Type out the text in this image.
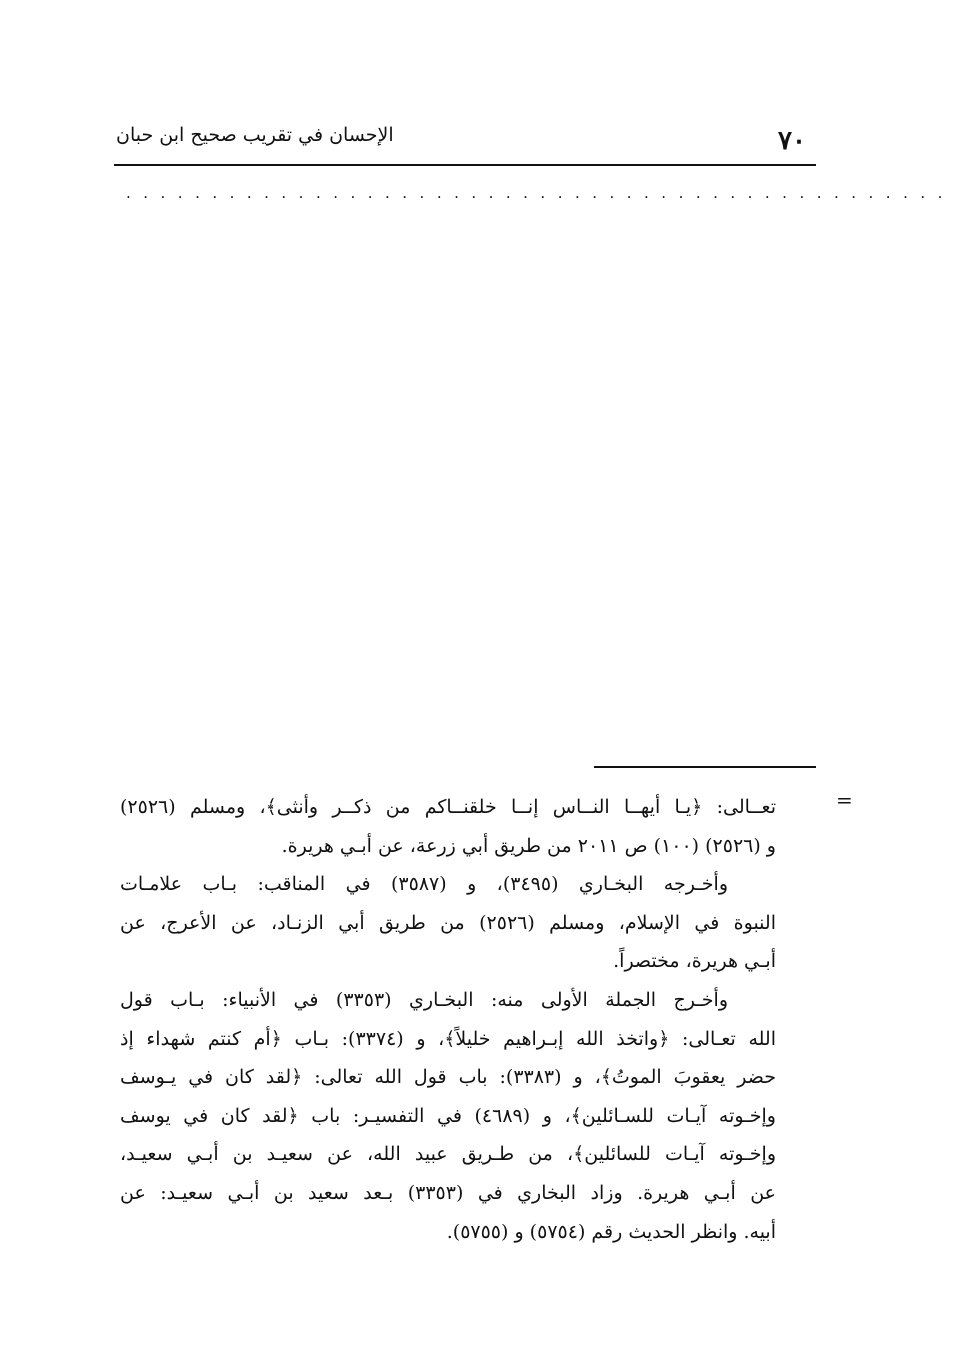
٧٠
الإحسان في تقريب صحيح ابن حبان
................................................
=
تعــالى: ﴿يـا أيهــا النــاس إنــا خلقنــاكم من ذكــر وأنثى﴾، ومسلم (٢٥٢٦)
و (٢٥٢٦) (١٠٠) ص ٢٠١١ من طريق أبي زرعة، عن أبـي هريرة.
وأخـرجه البخـاري (٣٤٩٥)، و (٣٥٨٧) في المناقب: بـاب علامـات
النبوة في الإسلام، ومسلم (٢٥٢٦) من طريق أبي الزنـاد، عن الأعرج، عن
أبـي هريرة، مختصراً.
وأخـرج الجملة الأولى منه: البخـاري (٣٣٥٣) في الأنبياء: بـاب قول
الله تعـالى: ﴿واتخذ الله إبـراهيم خليلاً﴾، و (٣٣٧٤): بـاب ﴿أم كنتم شهداء إذ
حضر يعقوبَ الموتُ﴾، و (٣٣٨٣): باب قول الله تعالى: ﴿لقد كان في يـوسف
وإخـوته آيـات للسـائلين﴾، و (٤٦٨٩) في التفسيـر: باب ﴿لقد كان في يوسف
وإخـوته آيـات للسائلين﴾، من طـريق عبيد الله، عن سعيـد بن أبـي سعيـد،
عن أبـي هريرة. وزاد البخاري في (٣٣٥٣) بـعد سعيد بن أبـي سعيـد: عن
أبيه. وانظر الحديث رقم (٥٧٥٤) و (٥٧٥٥).
